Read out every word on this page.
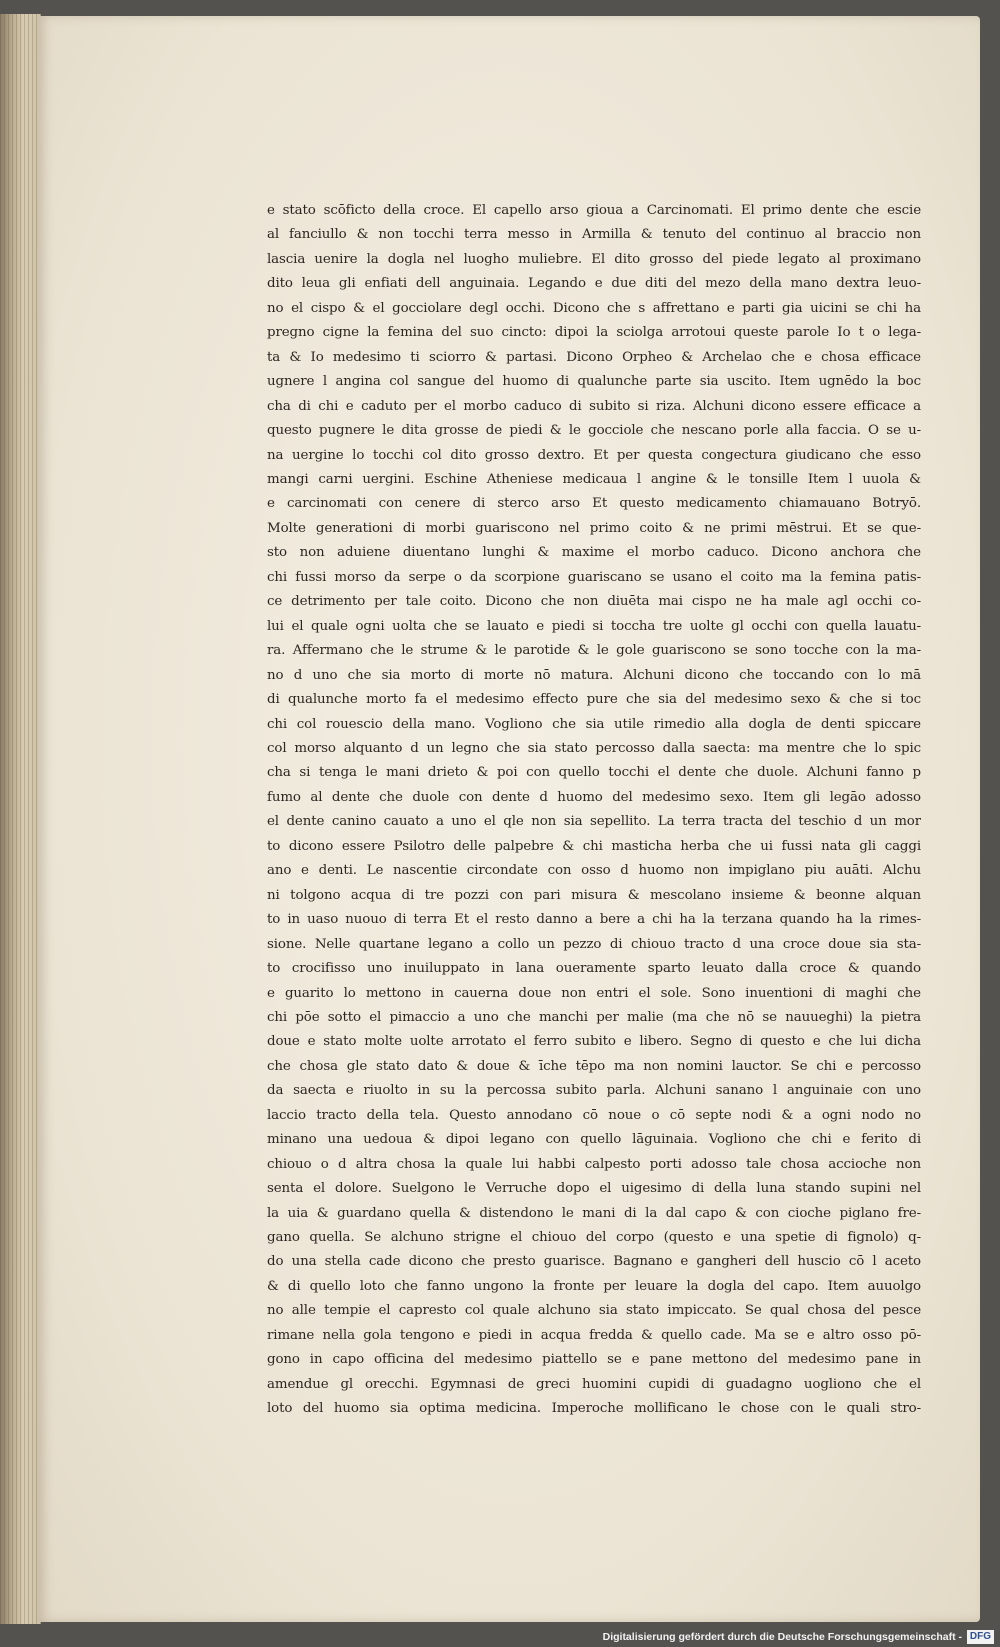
e stato scōficto della croce. El capello arso gioua a Carcinomati. El primo dente che escie
al fanciullo & non tocchi terra messo in Armilla & tenuto del continuo al braccio non
lascia uenire la dogla nel luogho muliebre. El dito grosso del piede legato al proximano
dito leua gli enfiati dell anguinaia. Legando e due diti del mezo della mano dextra leuo-
no el cispo & el gocciolare degl occhi. Dicono che s affrettano e parti gia uicini se chi ha
pregno cigne la femina del suo cincto: dipoi la sciolga arrotoui queste parole Io t o lega-
ta & Io medesimo ti sciorro & partasi. Dicono Orpheo & Archelao che e chosa efficace
ugnere l angina col sangue del huomo di qualunche parte sia uscito. Item ugnēdo la boc
cha di chi e caduto per el morbo caduco di subito si riza. Alchuni dicono essere efficace a
questo pugnere le dita grosse de piedi & le gocciole che nescano porle alla faccia. O se u-
na uergine lo tocchi col dito grosso dextro. Et per questa congectura giudicano che esso
mangi carni uergini. Eschine Atheniese medicaua l angine & le tonsille Item l uuola &
e carcinomati con cenere di sterco arso Et questo medicamento chiamauano Botryō.
Molte generationi di morbi guariscono nel primo coito & ne primi mēstrui. Et se que-
sto non aduiene diuentano lunghi & maxime el morbo caduco. Dicono anchora che
chi fussi morso da serpe o da scorpione guariscano se usano el coito ma la femina patis-
ce detrimento per tale coito. Dicono che non diuēta mai cispo ne ha male agl occhi co-
lui el quale ogni uolta che se lauato e piedi si toccha tre uolte gl occhi con quella lauatu-
ra. Affermano che le strume & le parotide & le gole guariscono se sono tocche con la ma-
no d uno che sia morto di morte nō matura. Alchuni dicono che toccando con lo mā
di qualunche morto fa el medesimo effecto pure che sia del medesimo sexo & che si toc
chi col rouescio della mano. Vogliono che sia utile rimedio alla dogla de denti spiccare
col morso alquanto d un legno che sia stato percosso dalla saecta: ma mentre che lo spic
cha si tenga le mani drieto & poi con quello tocchi el dente che duole. Alchuni fanno p
fumo al dente che duole con dente d huomo del medesimo sexo. Item gli legāo adosso
el dente canino cauato a uno el qle non sia sepellito. La terra tracta del teschio d un mor
to dicono essere Psilotro delle palpebre & chi masticha herba che ui fussi nata gli caggi
ano e denti. Le nascentie circondate con osso d huomo non impiglano piu auāti. Alchu
ni tolgono acqua di tre pozzi con pari misura & mescolano insieme & beonne alquan
to in uaso nuouo di terra Et el resto danno a bere a chi ha la terzana quando ha la rimes-
sione. Nelle quartane legano a collo un pezzo di chiouo tracto d una croce doue sia sta-
to crocifisso uno inuiluppato in lana oueramente sparto leuato dalla croce & quando
e guarito lo mettono in cauerna doue non entri el sole. Sono inuentioni di maghi che
chi pōe sotto el pimaccio a uno che manchi per malie (ma che nō se nauueghi) la pietra
doue e stato molte uolte arrotato el ferro subito e libero. Segno di questo e che lui dicha
che chosa gle stato dato & doue & īche tēpo ma non nomini lauctor. Se chi e percosso
da saecta e riuolto in su la percossa subito parla. Alchuni sanano l anguinaie con uno
laccio tracto della tela. Questo annodano cō noue o cō septe nodi & a ogni nodo no
minano una uedoua & dipoi legano con quello lāguinaia. Vogliono che chi e ferito di
chiouo o d altra chosa la quale lui habbi calpesto porti adosso tale chosa accioche non
senta el dolore. Suelgono le Verruche dopo el uigesimo di della luna stando supini nel
la uia & guardano quella & distendono le mani di la dal capo & con cioche piglano fre-
gano quella. Se alchuno strigne el chiouo del corpo (questo e una spetie di fignolo) q-
do una stella cade dicono che presto guarisce. Bagnano e gangheri dell huscio cō l aceto
& di quello loto che fanno ungono la fronte per leuare la dogla del capo. Item auuolgo
no alle tempie el capresto col quale alchuno sia stato impiccato. Se qual chosa del pesce
rimane nella gola tengono e piedi in acqua fredda & quello cade. Ma se e altro osso pō-
gono in capo officina del medesimo piattello se e pane mettono del medesimo pane in
amendue gl orecchi. Egymnasi de greci huomini cupidi di guadagno uogliono che el
loto del huomo sia optima medicina. Imperoche mollificano le chose con le quali stro-
Digitalisierung gefördert durch die Deutsche Forschungsgemeinschaft - DFG
